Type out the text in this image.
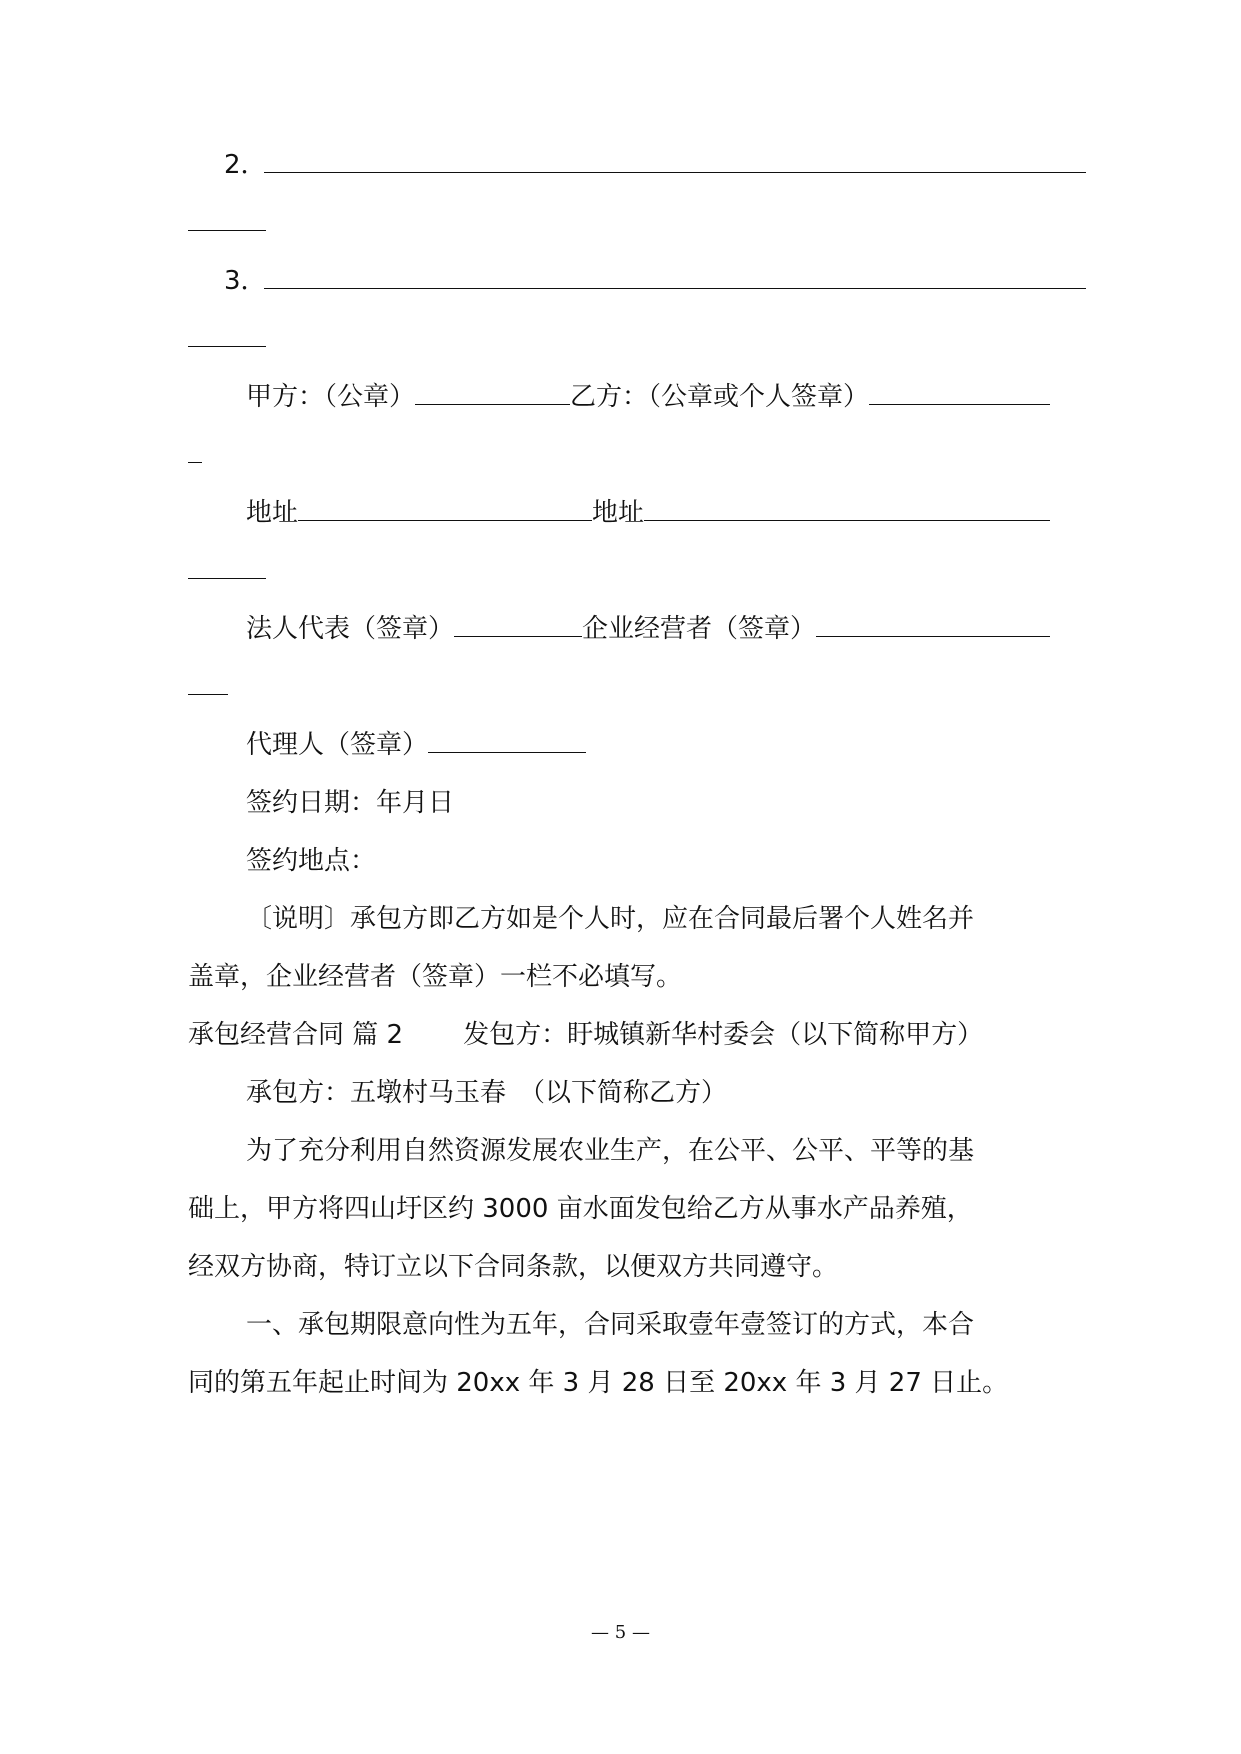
2．
3．
甲方：（公章）	乙方：（公章或个人签章）
地址	地址
法人代表（签章）	企业经营者（签章）
代理人（签章）
签约日期：年月日
签约地点：
〔说明〕承包方即乙方如是个人时，应在合同最后署个人姓名并
盖章，企业经营者（签章）一栏不必填写。
承包经营合同 篇 2 发包方：盱城镇新华村委会（以下简称甲方）
承包方：五墩村马玉春　（以下简称乙方）
为了充分利用自然资源发展农业生产，在公平、公平、平等的基
础上，甲方将四山圩区约 3000 亩水面发包给乙方从事水产品养殖，
经双方协商，特订立以下合同条款，以便双方共同遵守。
一、承包期限意向性为五年，合同采取壹年壹签订的方式，本合
同的第五年起止时间为 20xx 年 3 月 28 日至 20xx 年 3 月 27 日止。
— 5 —
